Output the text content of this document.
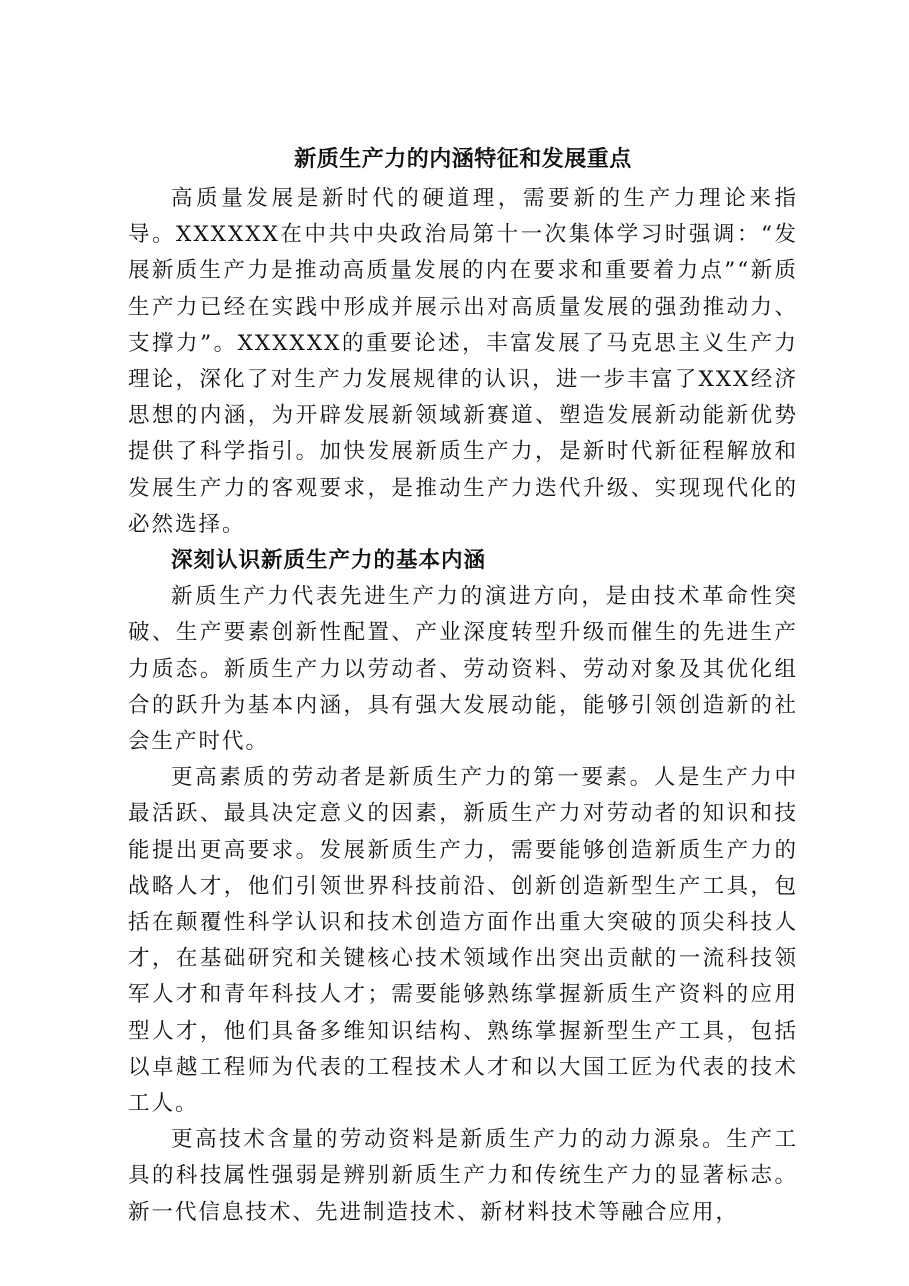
新质生产力的内涵特征和发展重点

高质量发展是新时代的硬道理，需要新的生产力理论来指导。XXXXXX在中共中央政治局第十一次集体学习时强调：“发展新质生产力是推动高质量发展的内在要求和重要着力点”“新质生产力已经在实践中形成并展示出对高质量发展的强劲推动力、支撑力”。XXXXXX的重要论述，丰富发展了马克思主义生产力理论，深化了对生产力发展规律的认识，进一步丰富了XXX经济思想的内涵，为开辟发展新领域新赛道、塑造发展新动能新优势提供了科学指引。加快发展新质生产力，是新时代新征程解放和发展生产力的客观要求，是推动生产力迭代升级、实现现代化的必然选择。

深刻认识新质生产力的基本内涵

新质生产力代表先进生产力的演进方向，是由技术革命性突破、生产要素创新性配置、产业深度转型升级而催生的先进生产力质态。新质生产力以劳动者、劳动资料、劳动对象及其优化组合的跃升为基本内涵，具有强大发展动能，能够引领创造新的社会生产时代。

更高素质的劳动者是新质生产力的第一要素。人是生产力中最活跃、最具决定意义的因素，新质生产力对劳动者的知识和技能提出更高要求。发展新质生产力，需要能够创造新质生产力的战略人才，他们引领世界科技前沿、创新创造新型生产工具，包括在颠覆性科学认识和技术创造方面作出重大突破的顶尖科技人才，在基础研究和关键核心技术领域作出突出贡献的一流科技领军人才和青年科技人才；需要能够熟练掌握新质生产资料的应用型人才，他们具备多维知识结构、熟练掌握新型生产工具，包括以卓越工程师为代表的工程技术人才和以大国工匠为代表的技术工人。

更高技术含量的劳动资料是新质生产力的动力源泉。生产工具的科技属性强弱是辨别新质生产力和传统生产力的显著标志。新一代信息技术、先进制造技术、新材料技术等融合应用，
